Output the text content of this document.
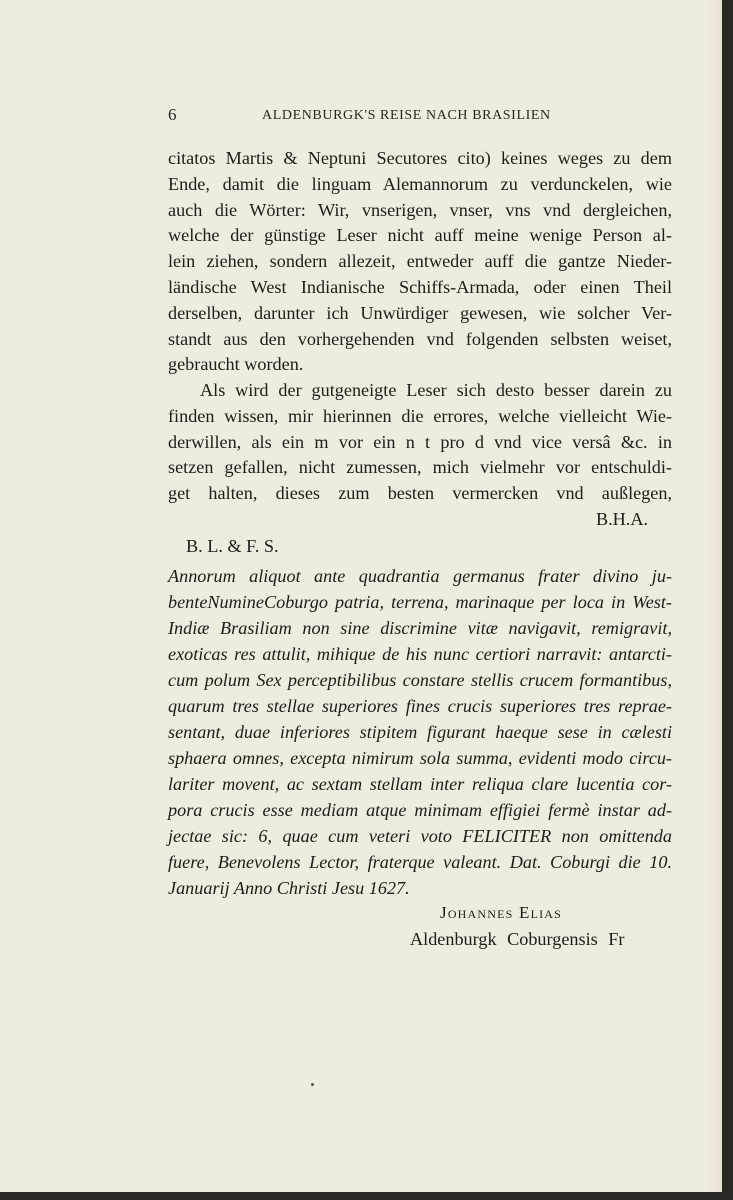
6	ALDENBURGK'S REISE NACH BRASILIEN
citatos Martis & Neptuni Secutores cito) keines weges zu dem
Ende, damit die linguam Alemannorum zu verdunckelen, wie
auch die Wörter: Wir, vnserigen, vnser, vns vnd dergleichen,
welche der günstige Leser nicht auff meine wenige Person al-
lein ziehen, sondern allezeit, entweder auff die gantze Nieder-
ländische West Indianische Schiffs-Armada, oder einen Theil
derselben, darunter ich Unwürdiger gewesen, wie solcher Ver-
standt aus den vorhergehenden vnd folgenden selbsten weiset,
gebraucht worden.
Als wird der gutgeneigte Leser sich desto besser darein zu
finden wissen, mir hierinnen die errores, welche vielleicht Wie-
derwillen, als ein m vor ein n t pro d vnd vice versâ &c. in
setzen gefallen, nicht zumessen, mich vielmehr vor entschuldi-
get halten, dieses zum besten vermercken vnd außlegen,
B.H.A.
B. L. & F. S.
Annorum aliquot ante quadrantia germanus frater divino ju-
benteNumineCoburgo patria, terrena, marinaque per loca in West-
Indiæ Brasiliam non sine discrimine vitæ navigavit, remigravit,
exoticas res attulit, mihique de his nunc certiori narravit: antarcti-
cum polum Sex perceptibilibus constare stellis crucem formantibus,
quarum tres stellae superiores fines crucis superiores tres reprae-
sentant, duae inferiores stipitem figurant haeque sese in cælesti
sphaera omnes, excepta nimirum sola summa, evidenti modo circu-
lariter movent, ac sextam stellam inter reliqua clare lucentia cor-
pora crucis esse mediam atque minimam effigiei fermè instar ad-
jectae sic: 6, quae cum veteri voto FELICITER non omittenda
fuere, Benevolens Lector, fraterque valeant. Dat. Coburgi die 10.
Januarij Anno Christi Jesu 1627.
Johannes Elias
Aldenburgk Coburgensis Fr
